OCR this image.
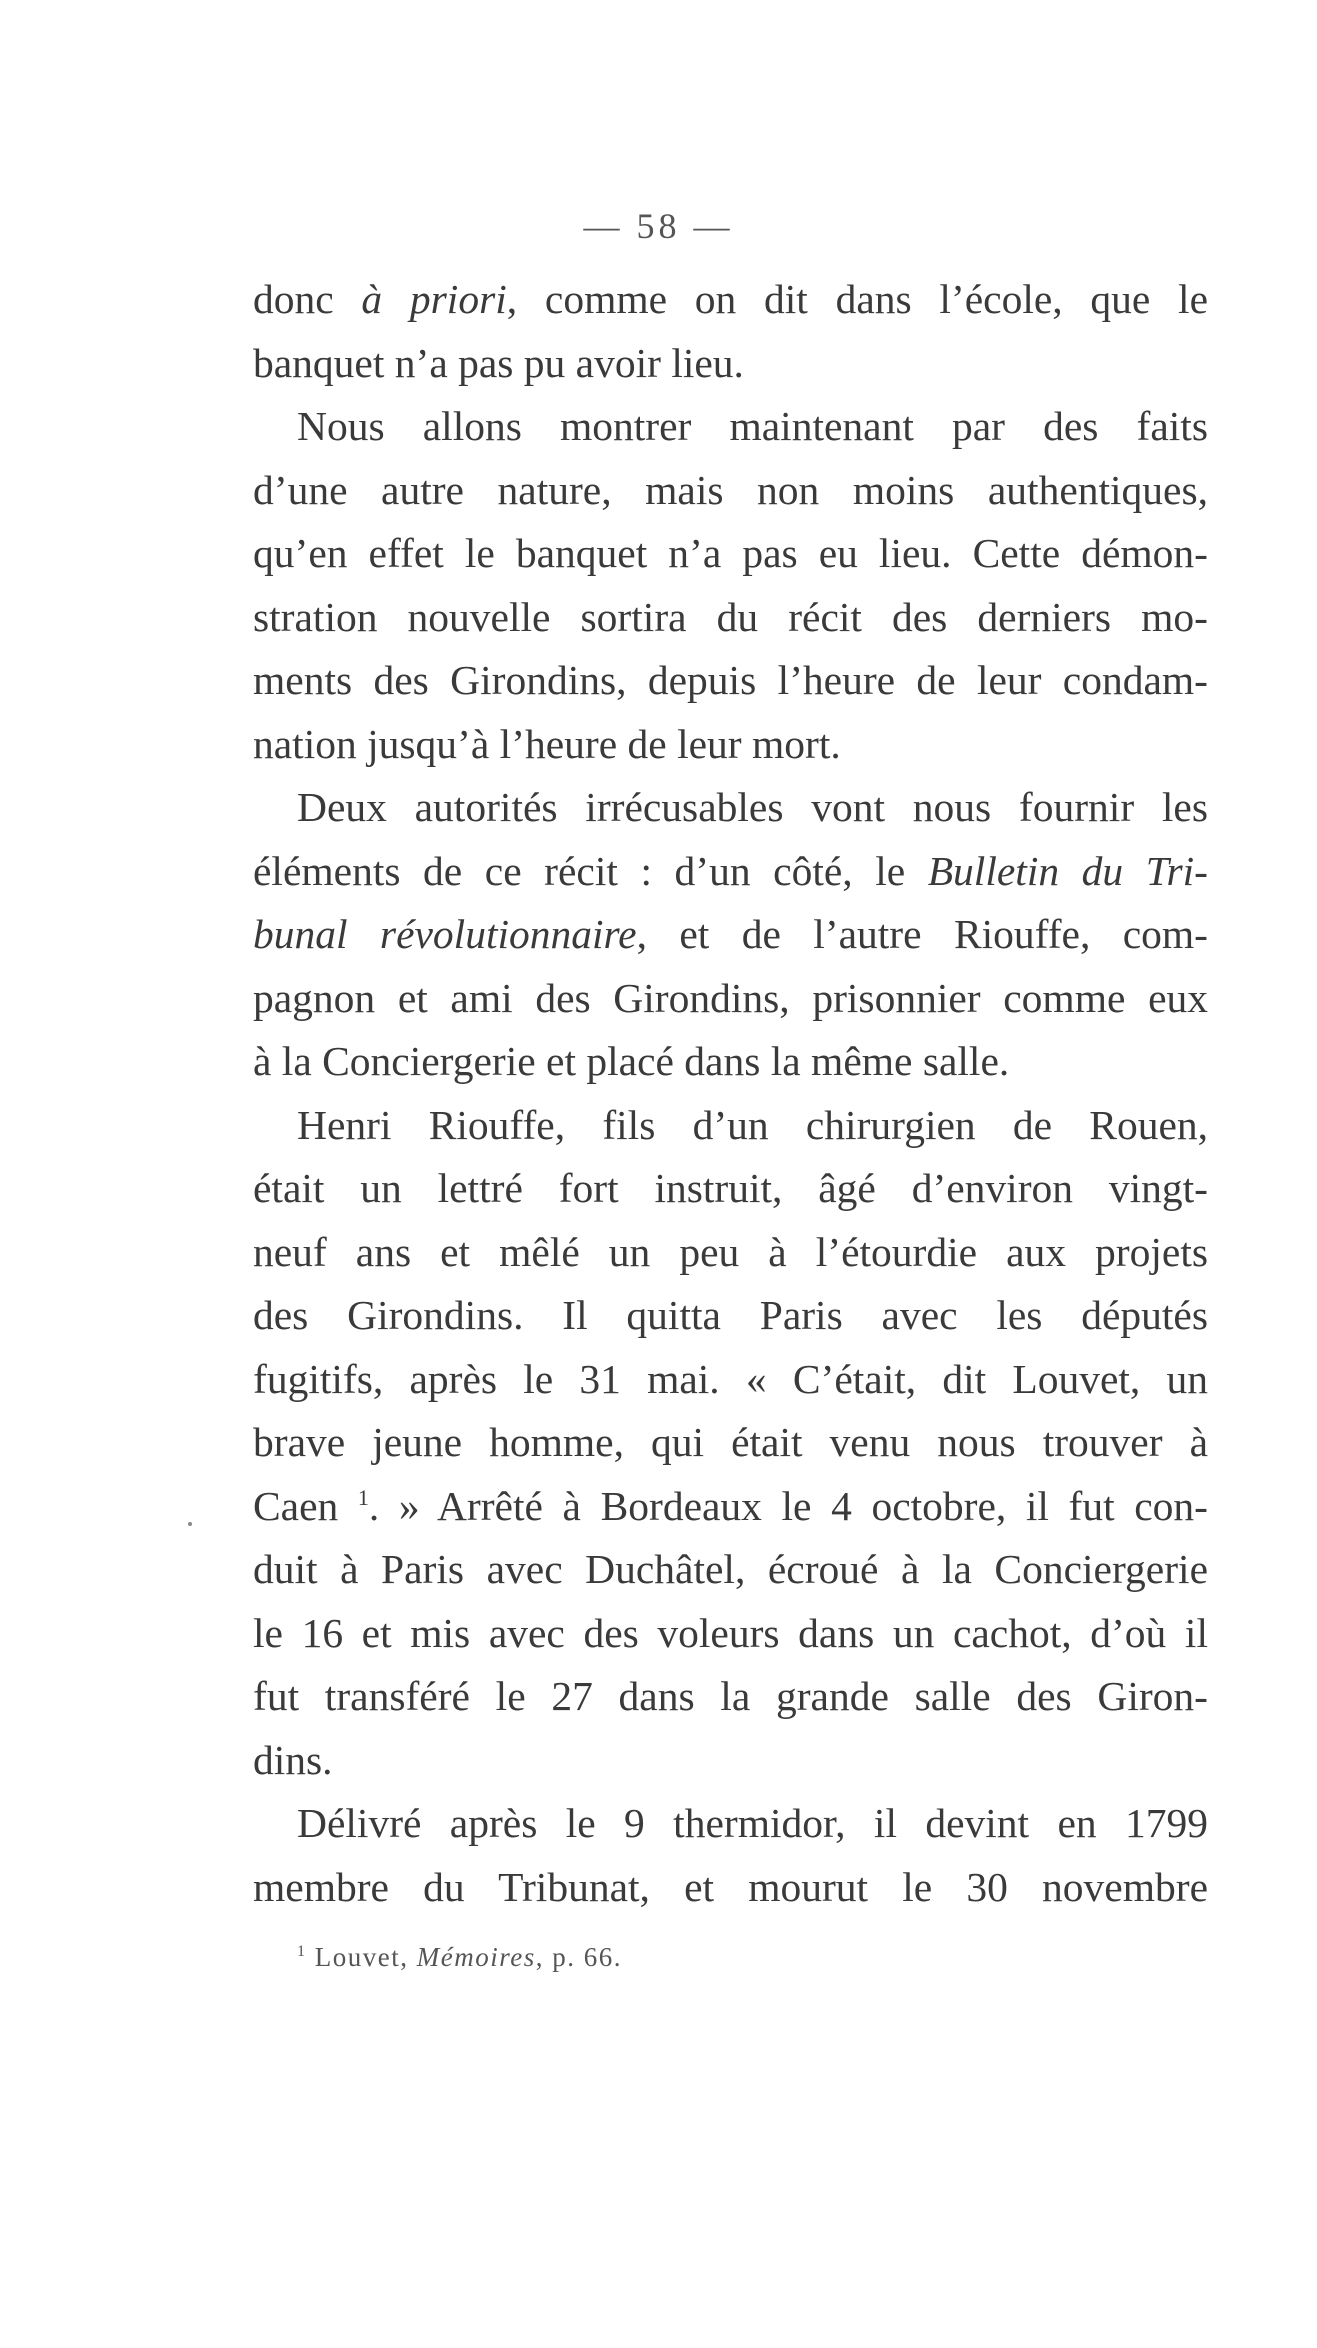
— 58 —
donc à priori, comme on dit dans l’école, que le
banquet n’a pas pu avoir lieu.
Nous allons montrer maintenant par des faits
d’une autre nature, mais non moins authentiques,
qu’en effet le banquet n’a pas eu lieu. Cette démon-
stration nouvelle sortira du récit des derniers mo-
ments des Girondins, depuis l’heure de leur condam-
nation jusqu’à l’heure de leur mort.
Deux autorités irrécusables vont nous fournir les
éléments de ce récit : d’un côté, le Bulletin du Tri-
bunal révolutionnaire, et de l’autre Riouffe, com-
pagnon et ami des Girondins, prisonnier comme eux
à la Conciergerie et placé dans la même salle.
Henri Riouffe, fils d’un chirurgien de Rouen,
était un lettré fort instruit, âgé d’environ vingt-
neuf ans et mêlé un peu à l’étourdie aux projets
des Girondins. Il quitta Paris avec les députés
fugitifs, après le 31 mai. « C’était, dit Louvet, un
brave jeune homme, qui était venu nous trouver à
Caen $^1$. » Arrêté à Bordeaux le 4 octobre, il fut con-
duit à Paris avec Duchâtel, écroué à la Conciergerie
le 16 et mis avec des voleurs dans un cachot, d’où il
fut transféré le 27 dans la grande salle des Giron-
dins.
Délivré après le 9 thermidor, il devint en 1799
membre du Tribunat, et mourut le 30 novembre
$^1$ Louvet, Mémoires, p. 66.
